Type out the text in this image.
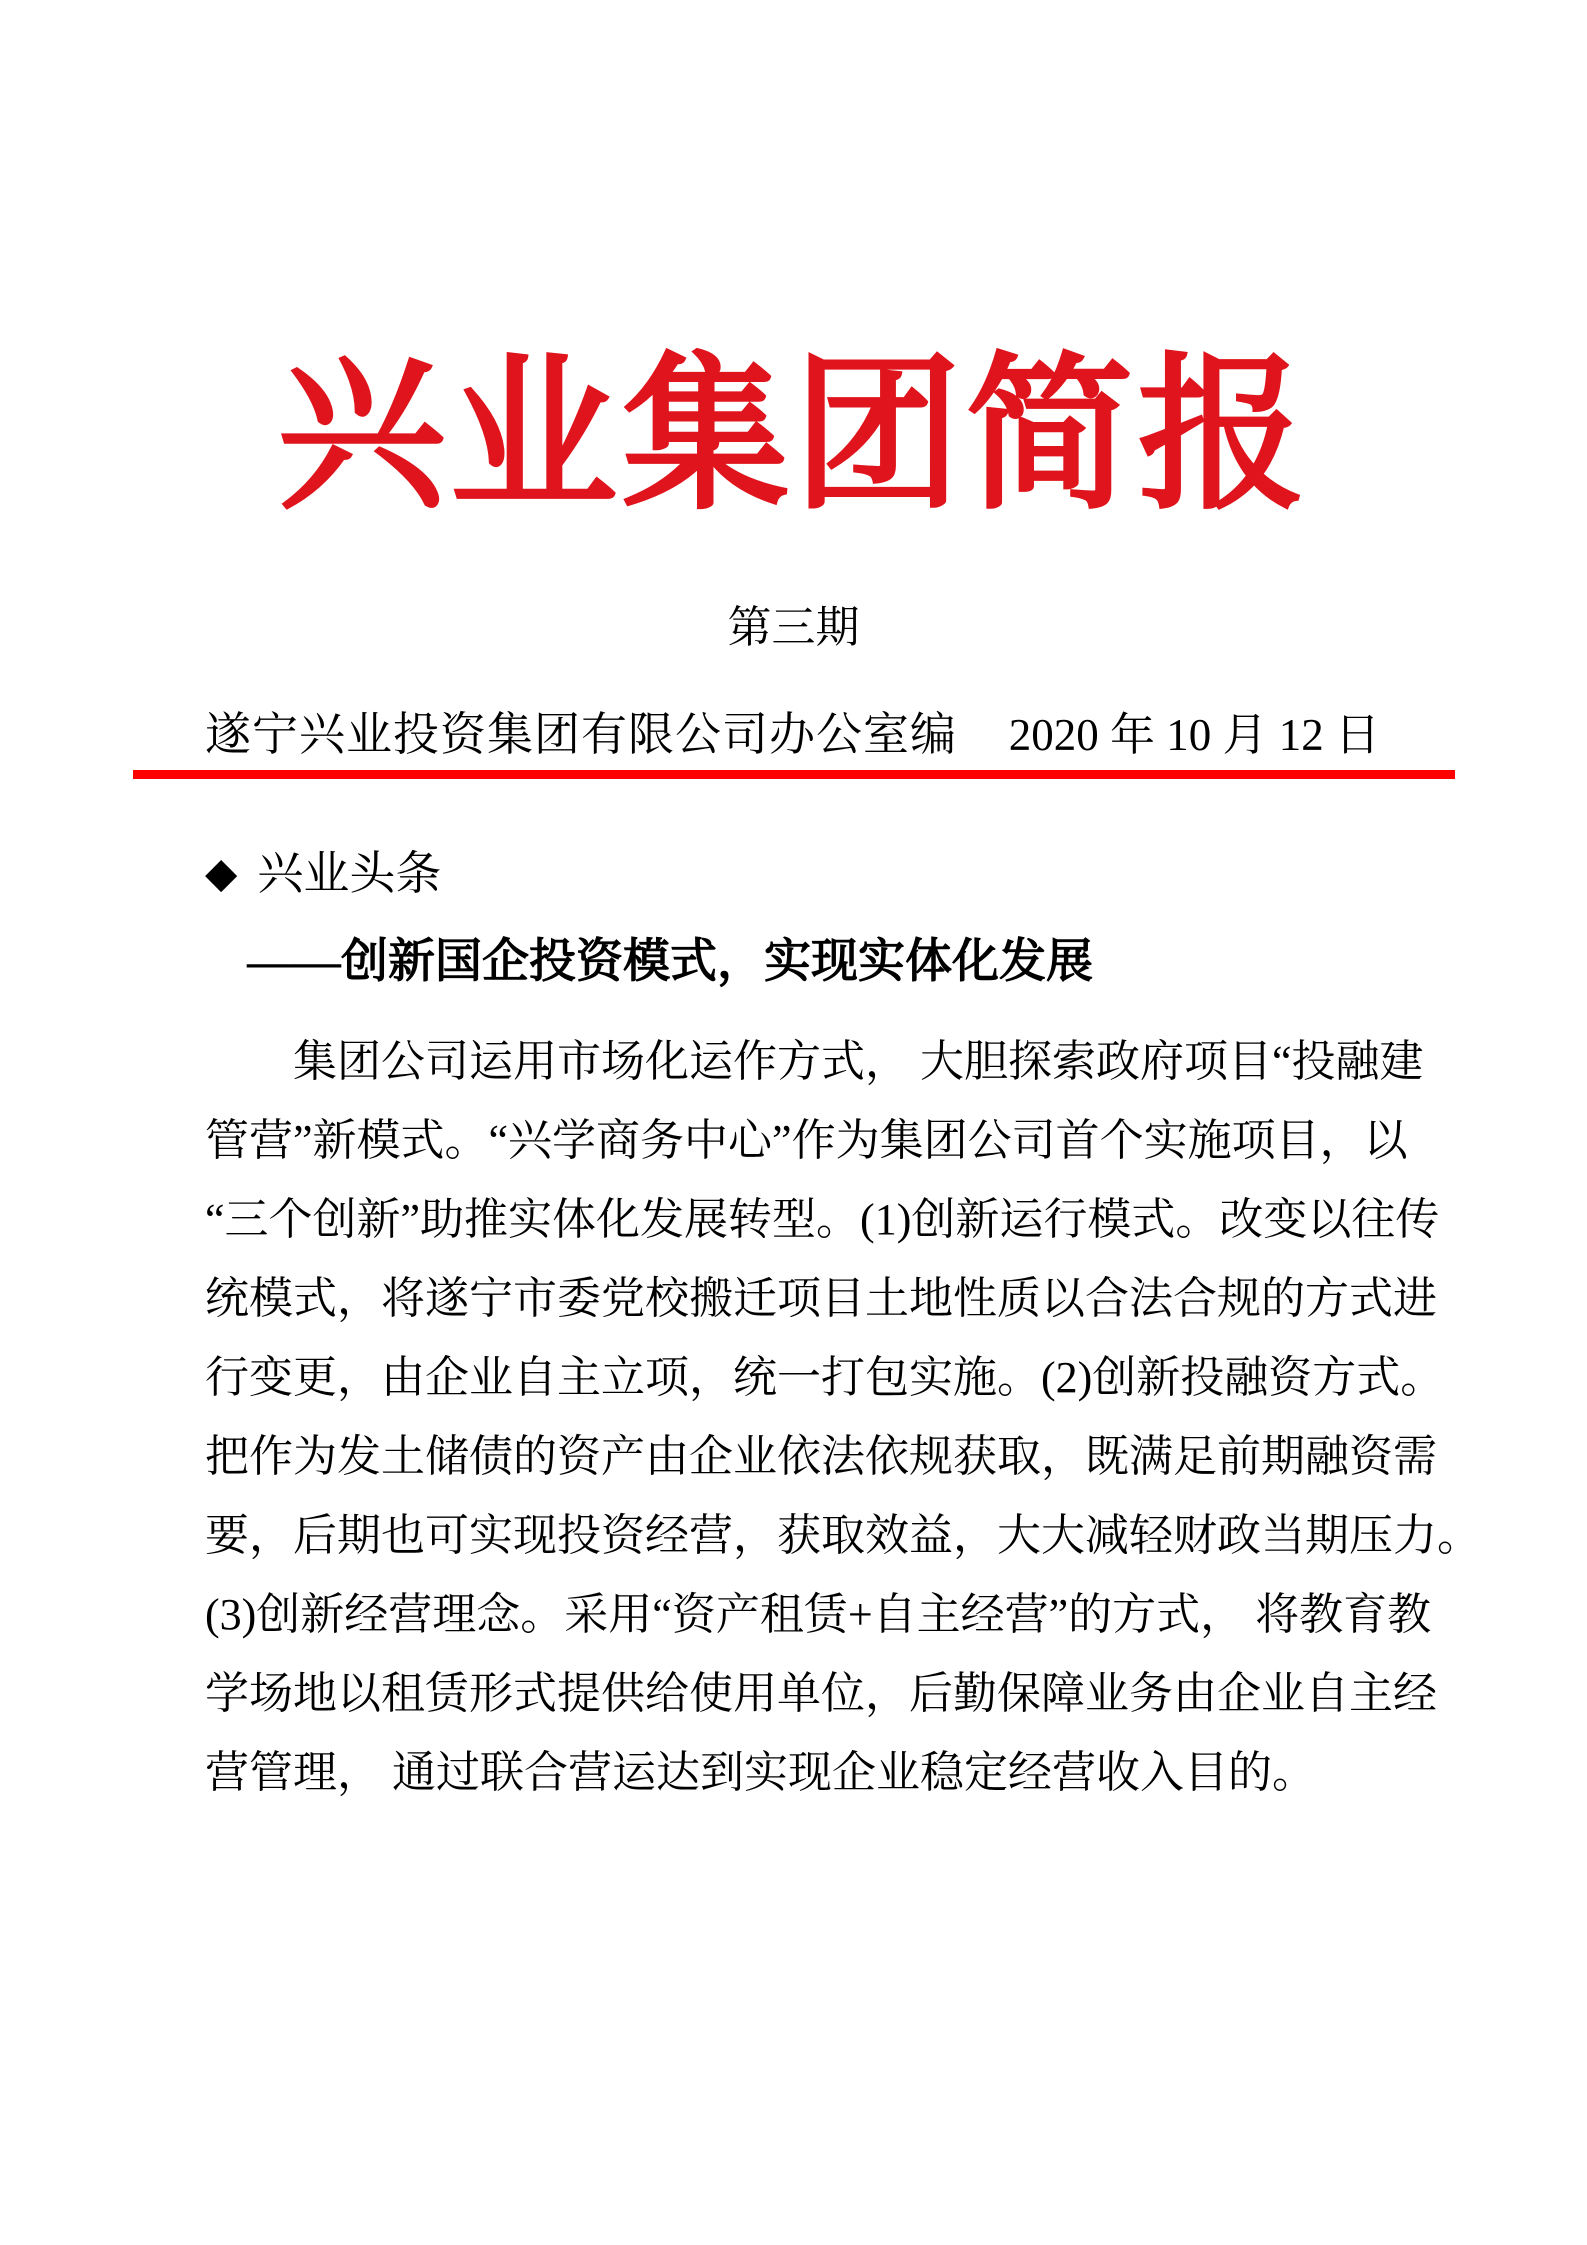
兴业集团简报
第三期
遂宁兴业投资集团有限公司办公室编 2020 年 10 月 12 日
◆ 兴业头条
——创新国企投资模式，实现实体化发展
集团公司运用市场化运作方式， 大胆探索政府项目“投融建
管营”新模式。“兴学商务中心”作为集团公司首个实施项目，以
“三个创新”助推实体化发展转型。(1)创新运行模式。改变以往传
统模式，将遂宁市委党校搬迁项目土地性质以合法合规的方式进
行变更，由企业自主立项，统一打包实施。(2)创新投融资方式。
把作为发土储债的资产由企业依法依规获取，既满足前期融资需
要，后期也可实现投资经营，获取效益，大大减轻财政当期压力。
(3)创新经营理念。采用“资产租赁+自主经营”的方式， 将教育教
学场地以租赁形式提供给使用单位，后勤保障业务由企业自主经
营管理， 通过联合营运达到实现企业稳定经营收入目的。
